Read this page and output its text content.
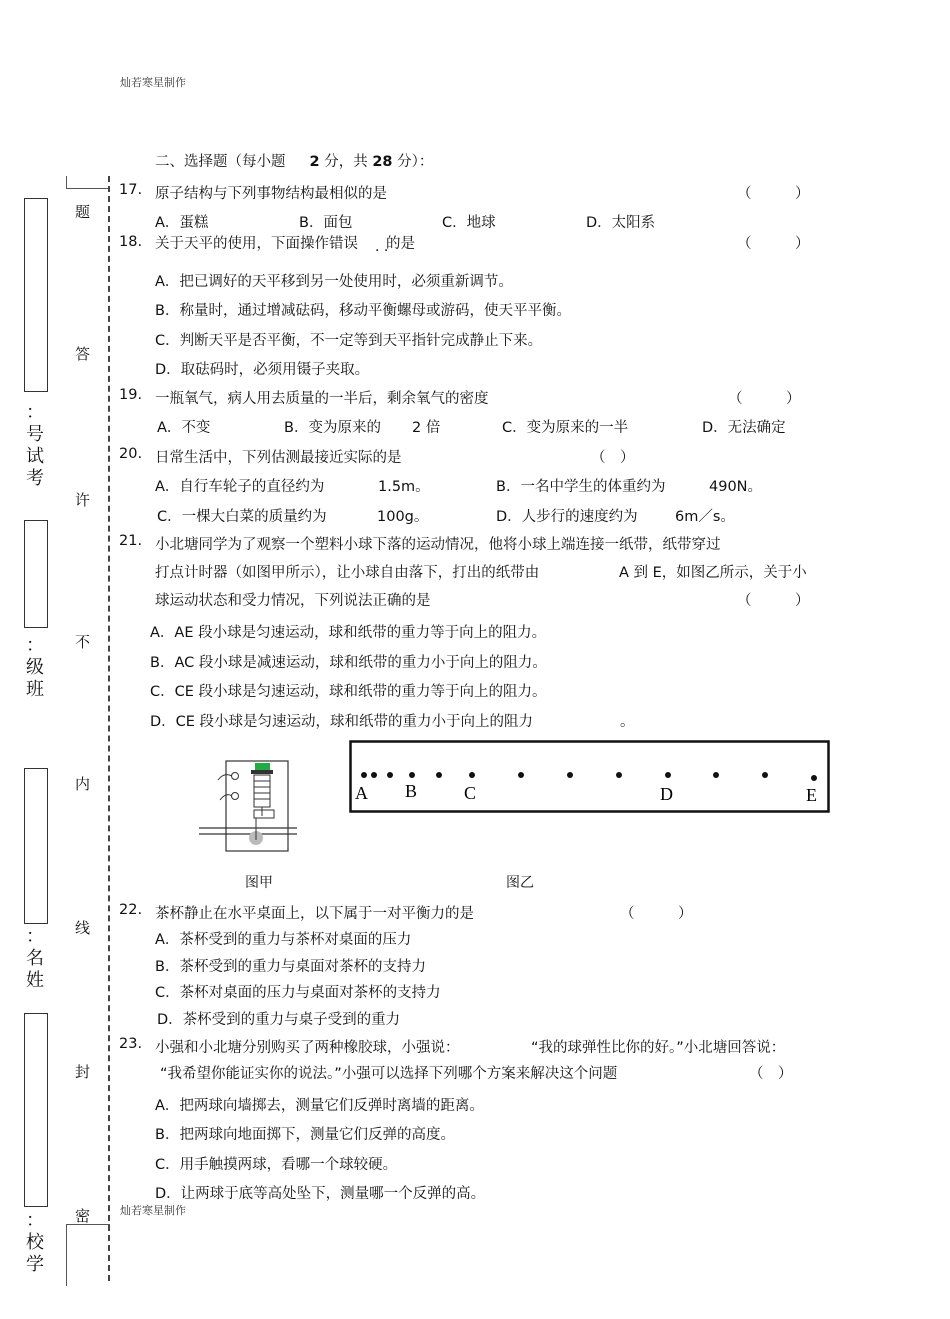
灿若寒星制作
灿若寒星制作
题
答
许
不
内
线
封
密
：
号
试
考
：
级
班
：
名
姓
：
校
学
二、选择题（每小题 2 分，共 28 分）：
17. 原子结构与下列事物结构最相似的是	（　　　）
A．蛋糕	B．面包	C．地球	D．太阳系
18. 关于天平的使用，下面操作错误 的是
· ·	（　　　）
A．把已调好的天平移到另一处使用时，必须重新调节。
B．称量时，通过增减砝码，移动平衡螺母或游码，使天平平衡。
C．判断天平是否平衡，不一定等到天平指针完成静止下来。
D．取砝码时，必须用镊子夹取。
19. 一瓶氧气，病人用去质量的一半后，剩余氧气的密度	（　　　）
A．不变	B．变为原来的 2 倍	C．变为原来的一半	D．无法确定
20. 日常生活中，下列估测最接近实际的是	（　）
A．自行车轮子的直径约为	1.5m。	B．一名中学生的体重约为	490N。
C．一棵大白菜的质量约为	100g。	D．人步行的速度约为	6m／s。
21. 小北塘同学为了观察一个塑料小球下落的运动情况，他将小球上端连接一纸带，纸带穿过
打点计时器（如图甲所示），让小球自由落下，打出的纸带由	A 到 E，如图乙所示，关于小
球运动状态和受力情况，下列说法正确的是	（　　　）
A．AE 段小球是匀速运动，球和纸带的重力等于向上的阻力。
B．AC 段小球是减速运动，球和纸带的重力小于向上的阻力。
C．CE 段小球是匀速运动，球和纸带的重力等于向上的阻力。
D．CE 段小球是匀速运动，球和纸带的重力小于向上的阻力	。
图甲
A B	C	D	E
图乙
22. 茶杯静止在水平桌面上，以下属于一对平衡力的是	（　　　）
A．茶杯受到的重力与茶杯对桌面的压力
B．茶杯受到的重力与桌面对茶杯的支持力
C．茶杯对桌面的压力与桌面对茶杯的支持力
D．茶杯受到的重力与桌子受到的重力
23. 小强和小北塘分别购买了两种橡胶球，小强说：	“我的球弹性比你的好。”小北塘回答说：
“我希望你能证实你的说法。”小强可以选择下列哪个方案来解决这个问题	（　）
A．把两球向墙掷去，测量它们反弹时离墙的距离。
B．把两球向地面掷下，测量它们反弹的高度。
C．用手触摸两球，看哪一个球较硬。
D．让两球于底等高处坠下，测量哪一个反弹的高。
